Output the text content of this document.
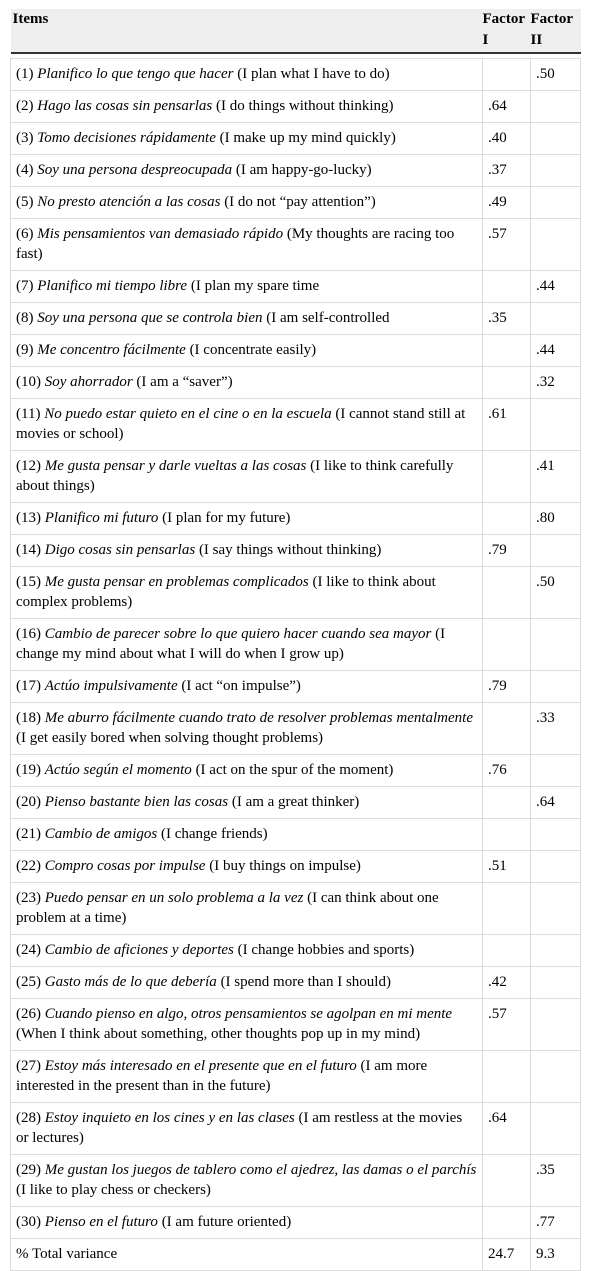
Items	Factor I	Factor II

(1) Planifico lo que tengo que hacer (I plan what I have to do)		.50
(2) Hago las cosas sin pensarlas (I do things without thinking)	.64	
(3) Tomo decisiones rápidamente (I make up my mind quickly)	.40	
(4) Soy una persona despreocupada (I am happy-go-lucky)	.37	
(5) No presto atención a las cosas (I do not “pay attention”)	.49	
(6) Mis pensamientos van demasiado rápido (My thoughts are racing too fast)	.57	
(7) Planifico mi tiempo libre (I plan my spare time		.44
(8) Soy una persona que se controla bien (I am self-controlled	.35	
(9) Me concentro fácilmente (I concentrate easily)		.44
(10) Soy ahorrador (I am a “saver”)		.32
(11) No puedo estar quieto en el cine o en la escuela (I cannot stand still at movies or school)	.61	
(12) Me gusta pensar y darle vueltas a las cosas (I like to think carefully about things)		.41
(13) Planifico mi futuro (I plan for my future)		.80
(14) Digo cosas sin pensarlas (I say things without thinking)	.79	
(15) Me gusta pensar en problemas complicados (I like to think about complex problems)		.50
(16) Cambio de parecer sobre lo que quiero hacer cuando sea mayor (I change my mind about what I will do when I grow up)		
(17) Actúo impulsivamente (I act “on impulse”)	.79	
(18) Me aburro fácilmente cuando trato de resolver problemas mentalmente (I get easily bored when solving thought problems)		.33
(19) Actúo según el momento (I act on the spur of the moment)	.76	
(20) Pienso bastante bien las cosas (I am a great thinker)		.64
(21) Cambio de amigos (I change friends)		
(22) Compro cosas por impulse (I buy things on impulse)	.51	
(23) Puedo pensar en un solo problema a la vez (I can think about one problem at a time)		
(24) Cambio de aficiones y deportes (I change hobbies and sports)		
(25) Gasto más de lo que debería (I spend more than I should)	.42	
(26) Cuando pienso en algo, otros pensamientos se agolpan en mi mente (When I think about something, other thoughts pop up in my mind)	.57	
(27) Estoy más interesado en el presente que en el futuro (I am more interested in the present than in the future)		
(28) Estoy inquieto en los cines y en las clases (I am restless at the movies or lectures)	.64	
(29) Me gustan los juegos de tablero como el ajedrez, las damas o el parchís (I like to play chess or checkers)		.35
(30) Pienso en el futuro (I am future oriented)		.77
% Total variance	24.7	9.3
